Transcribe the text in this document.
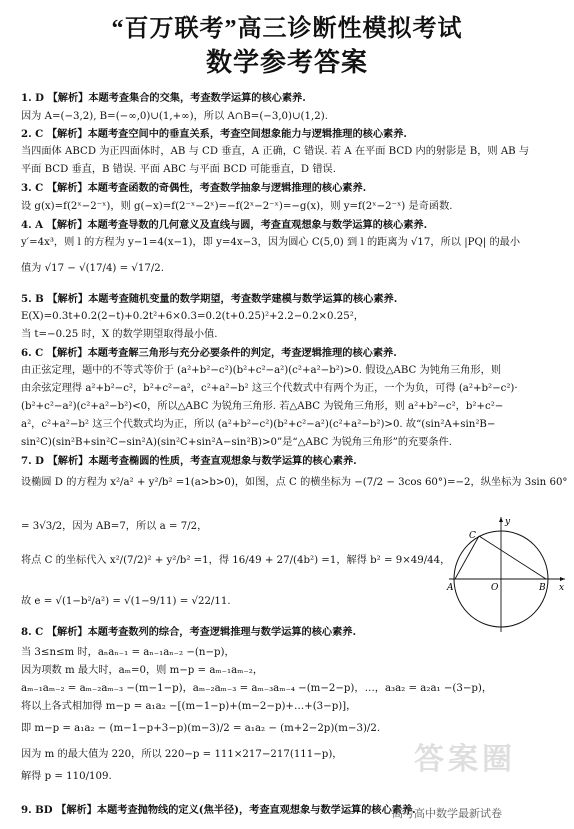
“百万联考”高三诊断性模拟考试
数学参考答案
1. D 【解析】本题考查集合的交集，考查数学运算的核心素养.
因为 A=(−3,2), B=(−∞,0)∪(1,+∞)，所以 A∩B=(−3,0)∪(1,2).
2. C 【解析】本题考查空间中的垂直关系，考查空间想象能力与逻辑推理的核心素养.
当四面体 ABCD 为正四面体时，AB 与 CD 垂直，A 正确，C 错误. 若 A 在平面 BCD 内的射影是 B，则 AB 与
平面 BCD 垂直，B 错误. 平面 ABC 与平面 BCD 可能垂直，D 错误.
3. C 【解析】本题考查函数的奇偶性，考查数学抽象与逻辑推理的核心素养.
设 g(x)=f(2ˣ−2⁻ˣ)，则 g(−x)=f(2⁻ˣ−2ˣ)=−f(2ˣ−2⁻ˣ)=−g(x)，则 y=f(2ˣ−2⁻ˣ) 是奇函数.
4. A 【解析】本题考查导数的几何意义及直线与圆，考查直观想象与数学运算的核心素养.
y′=4x³，则 l 的方程为 y−1=4(x−1)，即 y=4x−3，因为圆心 C(5,0) 到 l 的距离为 √17，所以 |PQ| 的最小
值为 √17 − √(17/4) = √17/2.
5. B 【解析】本题考查随机变量的数学期望，考查数学建模与数学运算的核心素养.
E(X)=0.3t+0.2(2−t)+0.2t²+6×0.3=0.2(t+0.25)²+2.2−0.2×0.25²，
当 t=−0.25 时，X 的数学期望取得最小值.
6. C 【解析】本题考查解三角形与充分必要条件的判定，考查逻辑推理的核心素养.
由正弦定理，题中的不等式等价于 (a²+b²−c²)(b²+c²−a²)(c²+a²−b²)>0. 假设△ABC 为钝角三角形，则
由余弦定理得 a²+b²−c²，b²+c²−a²，c²+a²−b² 这三个代数式中有两个为正，一个为负，可得 (a²+b²−c²)·
(b²+c²−a²)(c²+a²−b²)<0，所以△ABC 为锐角三角形. 若△ABC 为锐角三角形，则 a²+b²−c²，b²+c²−
a²，c²+a²−b² 这三个代数式均为正，所以 (a²+b²−c²)(b²+c²−a²)(c²+a²−b²)>0. 故“(sin²A+sin²B−
sin²C)(sin²B+sin²C−sin²A)(sin²C+sin²A−sin²B)>0”是“△ABC 为锐角三角形”的充要条件.
7. D 【解析】本题考查椭圆的性质，考查直观想象与数学运算的核心素养.
设椭圆 D 的方程为 x²/a² + y²/b² =1(a>b>0)，如图，点 C 的横坐标为 −(7/2 − 3cos 60°)=−2，纵坐标为 3sin 60°
= 3√3/2，因为 AB=7，所以 a = 7/2，
将点 C 的坐标代入 x²/(7/2)² + y²/b² =1，得 16/49 + 27/(4b²) =1，解得 b² = 9×49/44，
故 e = √(1−b²/a²) = √(1−9/11) = √22/11.
8. C 【解析】本题考查数列的综合，考查逻辑推理与数学运算的核心素养.
当 3≤n≤m 时，aₙaₙ₋₁ = aₙ₋₁aₙ₋₂ −(n−p)，
因为项数 m 最大时，aₘ=0，则 m−p = aₘ₋₁aₘ₋₂，
aₘ₋₁aₘ₋₂ = aₘ₋₂aₘ₋₃ −(m−1−p)，aₘ₋₂aₘ₋₃ = aₘ₋₃aₘ₋₄ −(m−2−p)，…，a₃a₂ = a₂a₁ −(3−p)，
将以上各式相加得 m−p = a₁a₂ −[(m−1−p)+(m−2−p)+…+(3−p)]，
即 m−p = a₁a₂ − (m−1−p+3−p)(m−3)/2 = a₁a₂ − (m+2−2p)(m−3)/2.
因为 m 的最大值为 220，所以 220−p = 111×217−217(111−p)，
解得 p = 110/109.
9. BD 【解析】本题考查抛物线的定义(焦半径)，考查直观想象与数学运算的核心素养.
y
C
A	O	B x
答案圈
高考高中数学最新试卷
